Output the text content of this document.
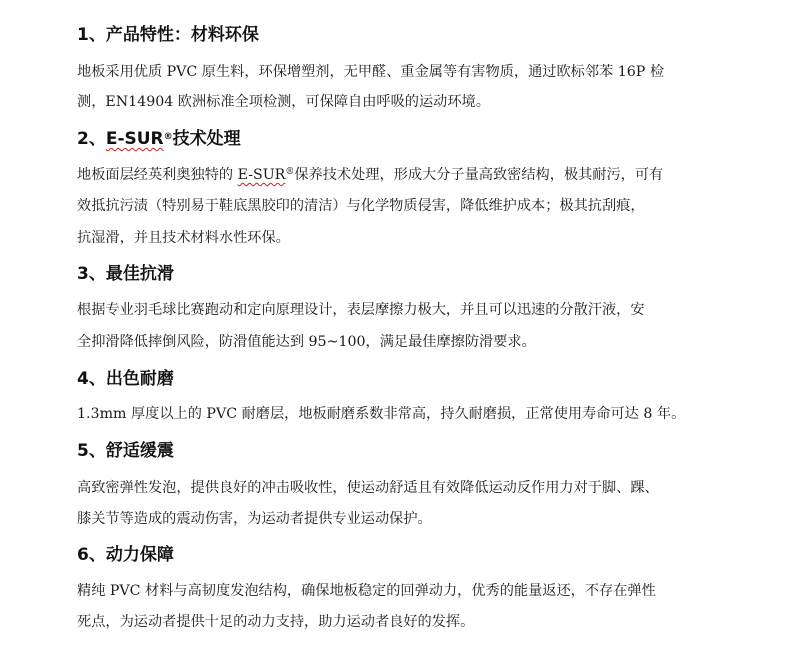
1、产品特性：材料环保
地板采用优质 PVC 原生料，环保增塑剂，无甲醛、重金属等有害物质，通过欧标邻苯 16P 检
测，EN14904 欧洲标准全项检测，可保障自由呼吸的运动环境。
2、E-SUR®技术处理
地板面层经英利奥独特的 E-SUR®保养技术处理，形成大分子量高致密结构，极其耐污，可有
效抵抗污渍（特别易于鞋底黑胶印的清洁）与化学物质侵害，降低维护成本；极其抗刮痕，
抗湿滑，并且技术材料水性环保。
3、最佳抗滑
根据专业羽毛球比赛跑动和定向原理设计，表层摩擦力极大，并且可以迅速的分散汗液，安
全抑滑降低摔倒风险，防滑值能达到 95~100，满足最佳摩擦防滑要求。
4、出色耐磨
1.3mm 厚度以上的 PVC 耐磨层，地板耐磨系数非常高，持久耐磨损，正常使用寿命可达 8 年。
5、舒适缓震
高致密弹性发泡，提供良好的冲击吸收性，使运动舒适且有效降低运动反作用力对于脚、踝、
膝关节等造成的震动伤害，为运动者提供专业运动保护。
6、动力保障
精纯 PVC 材料与高韧度发泡结构，确保地板稳定的回弹动力，优秀的能量返还，不存在弹性
死点，为运动者提供十足的动力支持，助力运动者良好的发挥。
